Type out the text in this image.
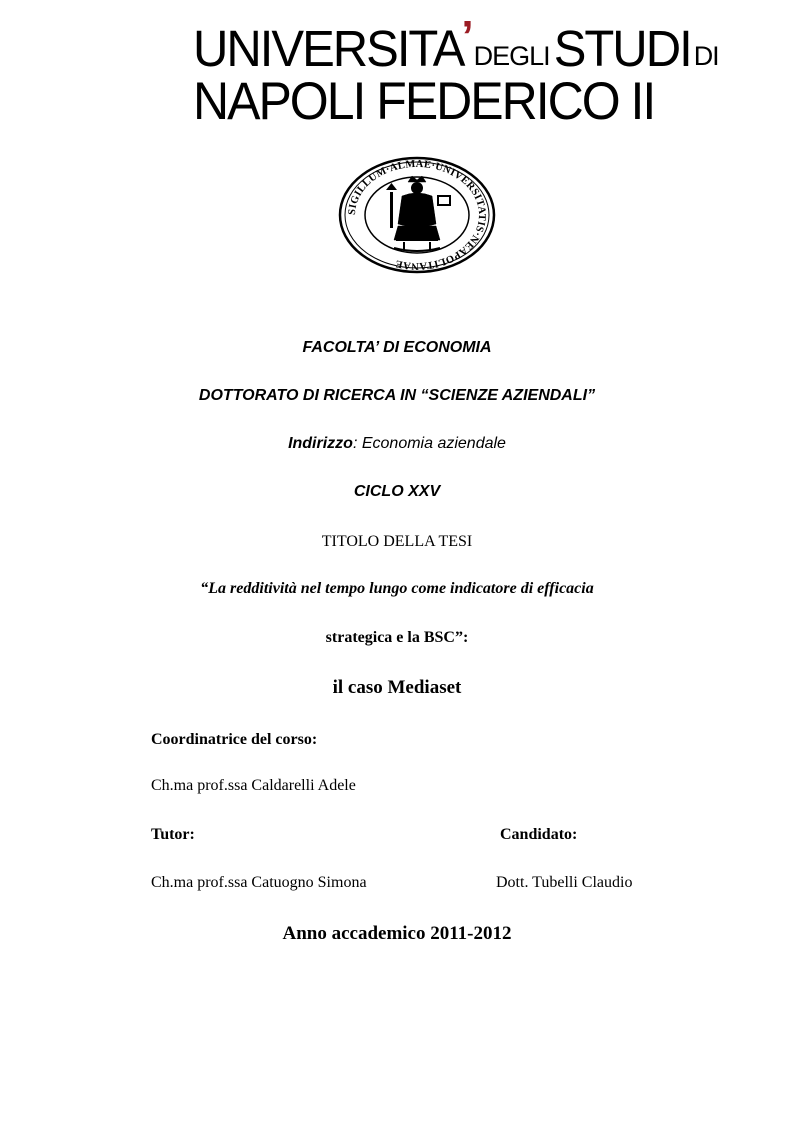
UNIVERSITA’DEGLISTUDI DI
NAPOLI FEDERICO II
SIGILLUM·ALMAE·UNIVERSITATIS·NEAPOLITANAE
FACOLTA’ DI ECONOMIA
DOTTORATO DI RICERCA IN “SCIENZE AZIENDALI”
Indirizzo: Economia aziendale
CICLO XXV
TITOLO DELLA TESI
“La redditività nel tempo lungo come indicatore di efficacia
strategica e la BSC”:
il caso Mediaset
Coordinatrice del corso:
Ch.ma prof.ssa Caldarelli Adele
Tutor:	Candidato:
Ch.ma prof.ssa Catuogno Simona	Dott. Tubelli Claudio
Anno accademico 2011-2012
